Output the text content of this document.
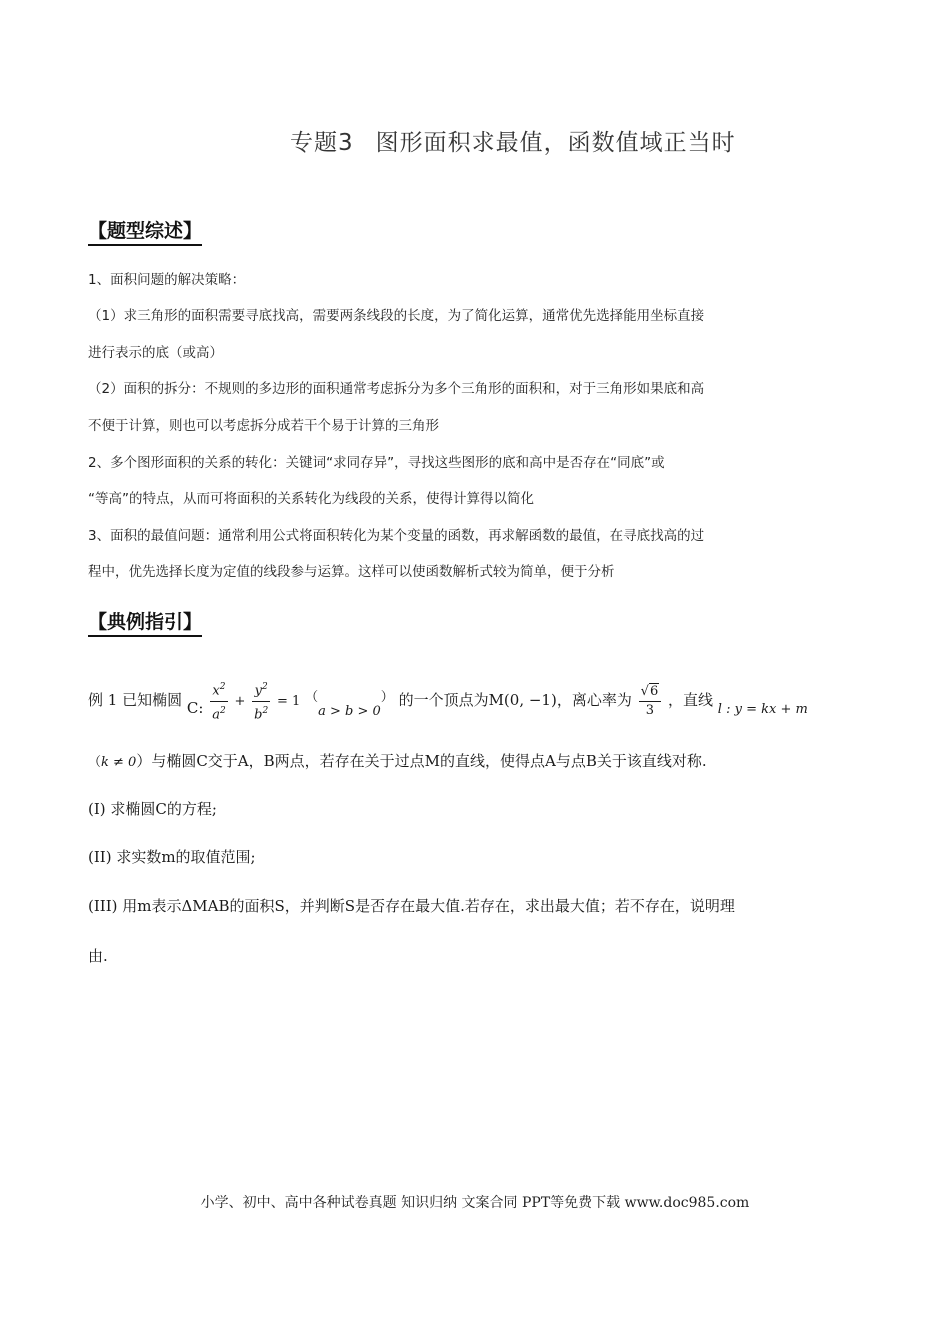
专题3 图形面积求最值，函数值域正当时
【题型综述】
1、面积问题的解决策略：
（1）求三角形的面积需要寻底找高，需要两条线段的长度，为了简化运算，通常优先选择能用坐标直接
进行表示的底（或高）
（2）面积的拆分：不规则的多边形的面积通常考虑拆分为多个三角形的面积和，对于三角形如果底和高
不便于计算，则也可以考虑拆分成若干个易于计算的三角形
2、多个图形面积的关系的转化：关键词“求同存异”，寻找这些图形的底和高中是否存在“同底”或
“等高”的特点，从而可将面积的关系转化为线段的关系，使得计算得以简化
3、面积的最值问题：通常利用公式将面积转化为某个变量的函数，再求解函数的最值，在寻底找高的过
程中，优先选择长度为定值的线段参与运算。这样可以使函数解析式较为简单，便于分析
【典例指引】
例 1 已知椭圆 C: $\frac{x^2}{a^2} + \frac{y^2}{b^2} = 1$ （a > b > 0） 的一个顶点为M(0, −1)，离心率为 $\frac{√6}{3}$ ，直线 l : y = kx + m
（k ≠ 0）与椭圆C交于A，B两点，若存在关于过点M的直线，使得点A与点B关于该直线对称.
(I) 求椭圆C的方程;
(II) 求实数m的取值范围;
(III) 用m表示ΔMAB的面积S，并判断S是否存在最大值.若存在，求出最大值；若不存在，说明理
由.
小学、初中、高中各种试卷真题 知识归纳 文案合同 PPT等免费下载 www.doc985.com
